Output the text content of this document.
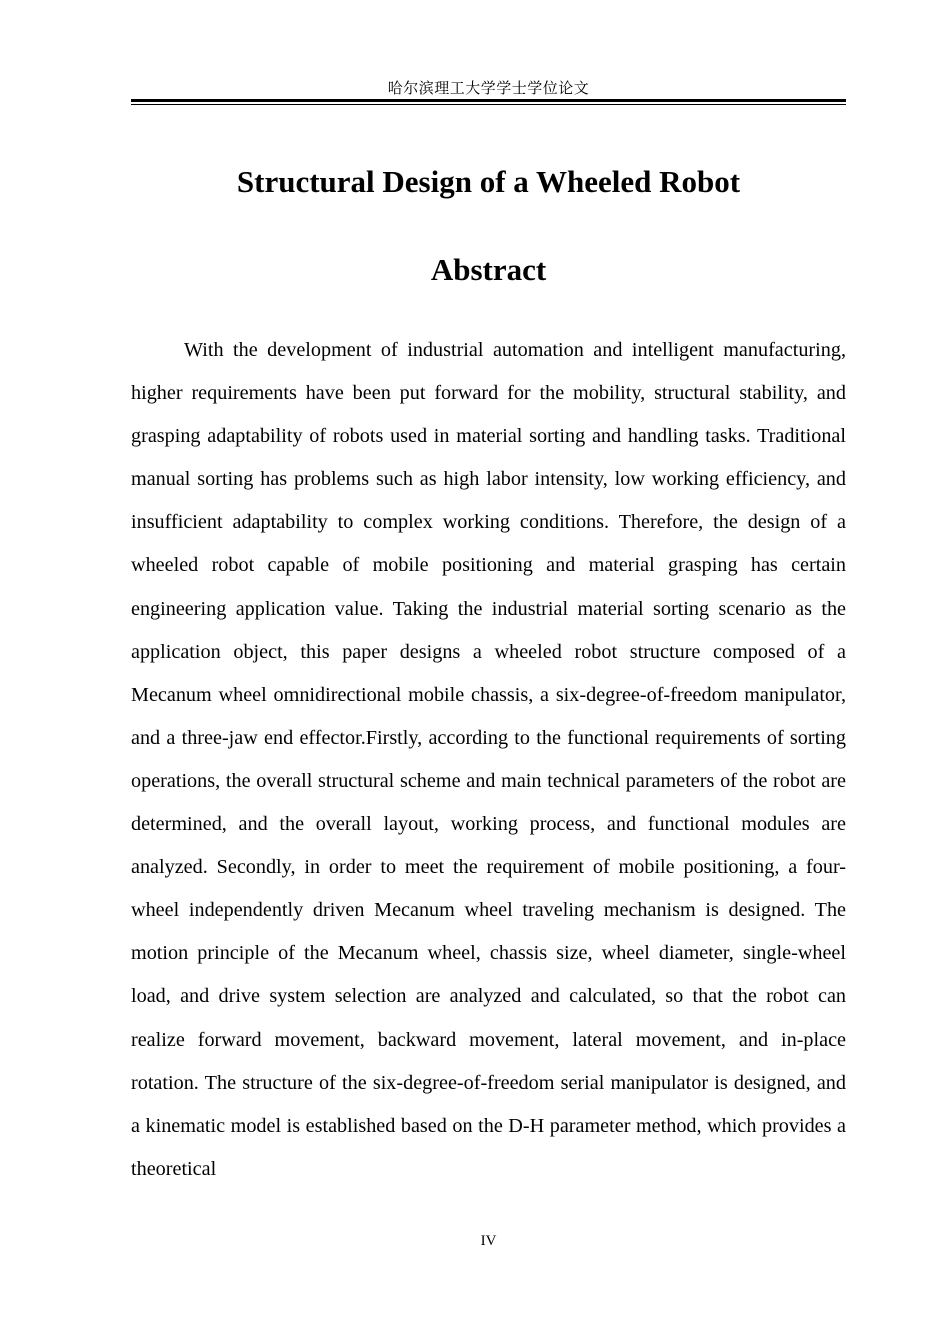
哈尔滨理工大学学士学位论文
Structural Design of a Wheeled Robot
Abstract

With the development of industrial automation and intelligent manufacturing, higher requirements have been put forward for the mobility, structural stability, and grasping adaptability of robots used in material sorting and handling tasks. Traditional manual sorting has problems such as high labor intensity, low working efficiency, and insufficient adaptability to complex working conditions. Therefore, the design of a wheeled robot capable of mobile positioning and material grasping has certain engineering application value. Taking the industrial material sorting scenario as the application object, this paper designs a wheeled robot structure composed of a Mecanum wheel omnidirectional mobile chassis, a six-degree-of-freedom manipulator, and a three-jaw end effector.Firstly, according to the functional requirements of sorting operations, the overall structural scheme and main technical parameters of the robot are determined, and the overall layout, working process, and functional modules are analyzed. Secondly, in order to meet the requirement of mobile positioning, a four-wheel independently driven Mecanum wheel traveling mechanism is designed. The motion principle of the Mecanum wheel, chassis size, wheel diameter, single-wheel load, and drive system selection are analyzed and calculated, so that the robot can realize forward movement, backward movement, lateral movement, and in-place rotation. The structure of the six-degree-of-freedom serial manipulator is designed, and a kinematic model is established based on the D-H parameter method, which provides a theoretical

IV
